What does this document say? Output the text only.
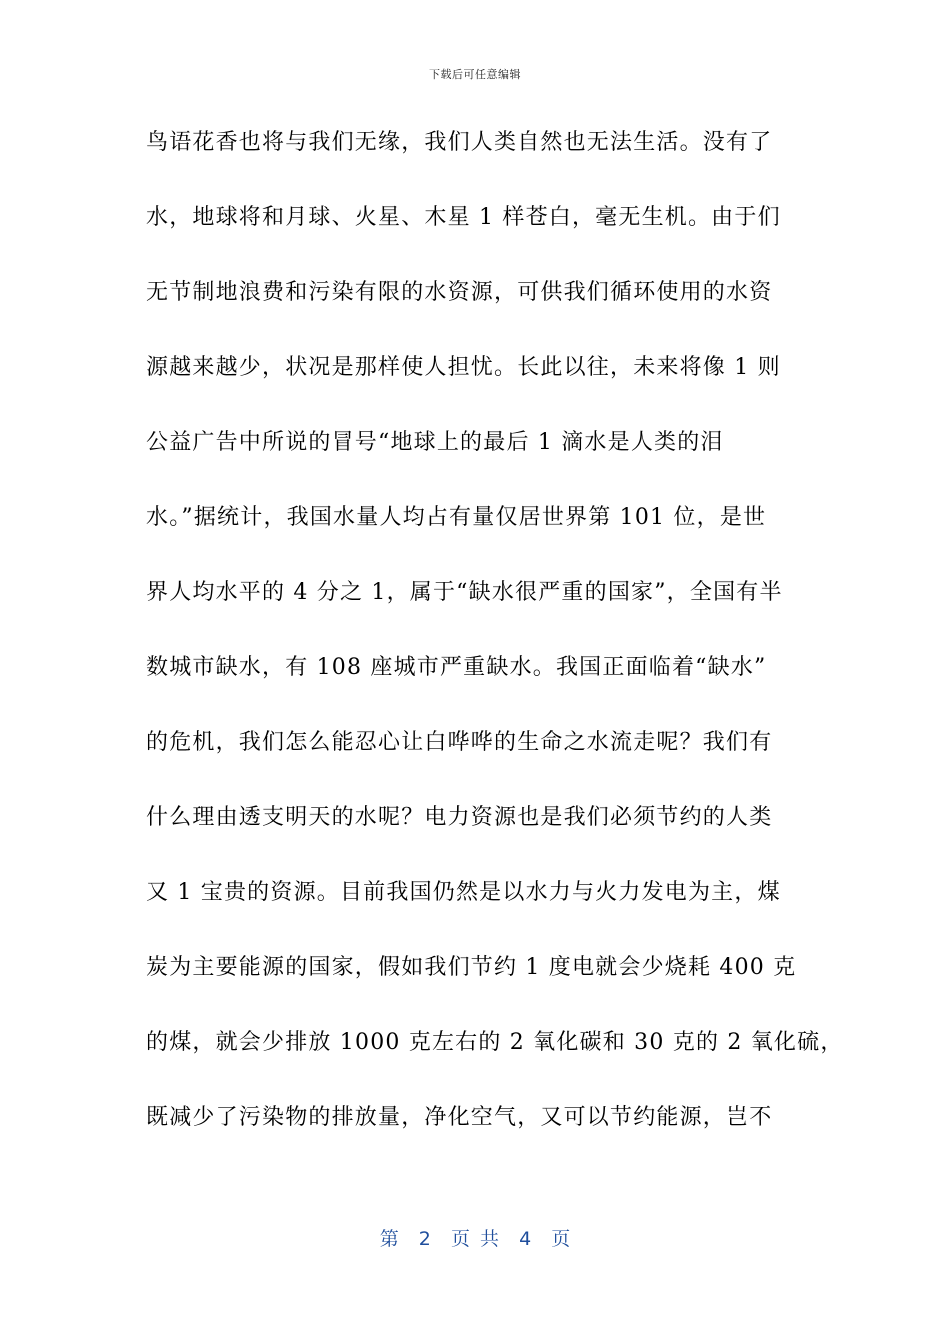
下载后可任意编辑
鸟语花香也将与我们无缘，我们人类自然也无法生活。没有了
水，地球将和月球、火星、木星 1 样苍白，毫无生机。由于们
无节制地浪费和污染有限的水资源，可供我们循环使用的水资
源越来越少，状况是那样使人担忧。长此以往，未来将像 1 则
公益广告中所说的冒号“地球上的最后 1 滴水是人类的泪
水。”据统计，我国水量人均占有量仅居世界第 101 位，是世
界人均水平的 4 分之 1，属于“缺水很严重的国家”，全国有半
数城市缺水，有 108 座城市严重缺水。我国正面临着“缺水”
的危机，我们怎么能忍心让白哗哗的生命之水流走呢？我们有
什么理由透支明天的水呢？电力资源也是我们必须节约的人类
又 1 宝贵的资源。目前我国仍然是以水力与火力发电为主，煤
炭为主要能源的国家，假如我们节约 1 度电就会少烧耗 400 克
的煤，就会少排放 1000 克左右的 2 氧化碳和 30 克的 2 氧化硫，
既减少了污染物的排放量，净化空气，又可以节约能源，岂不
第  2  页 共  4  页
